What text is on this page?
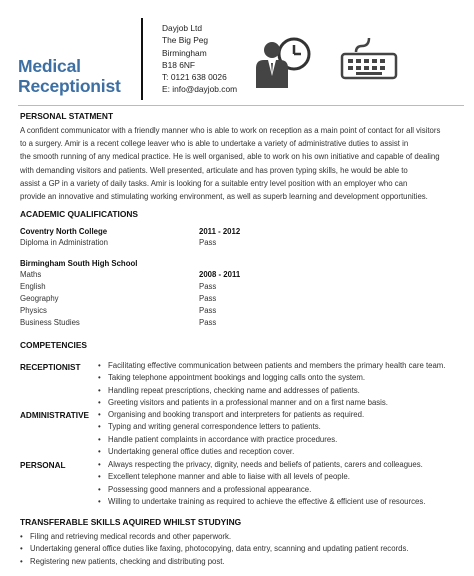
Medical
Receptionist
Dayjob Ltd
The Big Peg
Birmingham
B18 6NF
T: 0121 638 0026
E: info@dayjob.com
PERSONAL STATMENT
A confident communicator with a friendly manner who is able to work on reception as a main point of contact for all visitors
to a surgery. Amir is a recent college leaver who is able to undertake a variety of administrative duties to assist in
the smooth running of any medical practice. He is well organised, able to work on his own initiative and capable of dealing
with demanding visitors and patients. Well presented, articulate and has proven typing skills, he would be able to
assist a GP in a variety of daily tasks. Amir is looking for a suitable entry level position with an employer who can
provide an innovative and stimulating working environment, as well as superb learning and development opportunities.
ACADEMIC QUALIFICATIONS
Coventry North College	2011 - 2012
Diploma in Administration	Pass
Birmingham South High School
Maths	2008 - 2011
English	Pass
Geography	Pass
Physics	Pass
Business Studies	Pass
COMPETENCIES
RECEPTIONIST	• Facilitating effective communication between patients and members the primary health care team.
• Taking telephone appointment bookings and logging calls onto the system.
• Handling repeat prescriptions, checking name and addresses of patients.
• Greeting visitors and patients in a professional manner and on a first name basis.
ADMINISTRATIVE	• Organising and booking transport and interpreters for patients as required.
• Typing and writing general correspondence letters to patients.
• Handle patient complaints in accordance with practice procedures.
• Undertaking general office duties and reception cover.
PERSONAL	• Always respecting the privacy, dignity, needs and beliefs of patients, carers and colleagues.
• Excellent telephone manner and able to liaise with all levels of people.
• Possessing good manners and a professional appearance.
• Willing to undertake training as required to achieve the effective & efficient use of resources.
TRANSFERABLE SKILLS AQUIRED WHILST STUDYING
• Filing and retrieving medical records and other paperwork.
• Undertaking general office duties like faxing, photocopying, data entry, scanning and updating patient records.
• Registering new patients, checking and distributing post.
